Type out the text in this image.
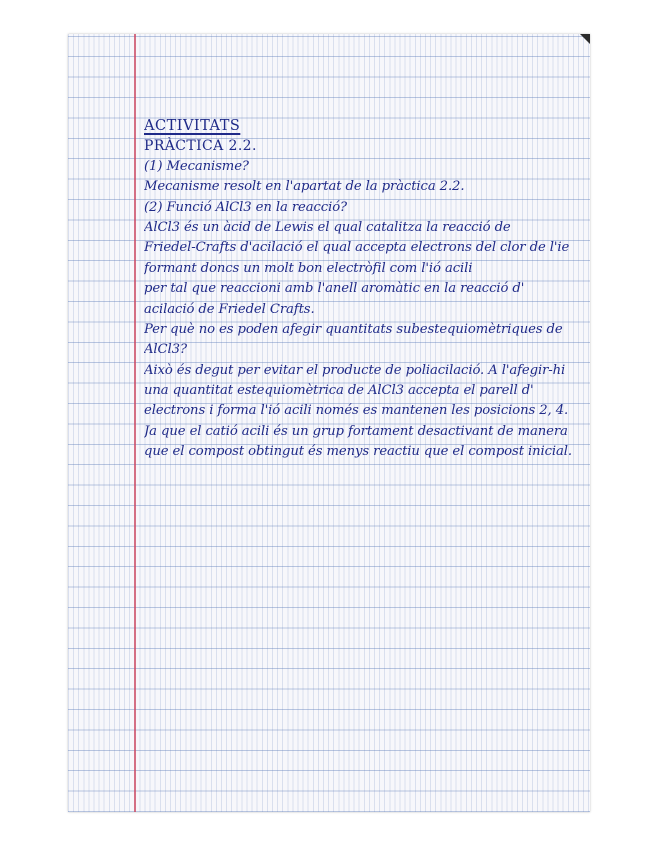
ACTIVITATS
PRÀCTICA 2.2.
(1) Mecanisme?
Mecanisme resolt en l'apartat de la pràctica 2.2.
(2) Funció AlCl3 en la reacció?
AlCl3 és un àcid de Lewis el qual catalitza la reacció de
Friedel-Crafts d'acilació el qual accepta electrons del clor de l'ie
formant doncs un molt bon electròfil com l'ió acili
per tal que reaccioni amb l'anell aromàtic en la reacció d'
acilació de Friedel Crafts.
Per què no es poden afegir quantitats subestequiomètriques de
AlCl3?
Això és degut per evitar el producte de poliacilació. A l'afegir-hi
una quantitat estequiomètrica de AlCl3 accepta el parell d'
electrons i forma l'ió acili només es mantenen les posicions 2, 4.
Ja que el catió acili és un grup fortament desactivant de manera
que el compost obtingut és menys reactiu que el compost inicial.
